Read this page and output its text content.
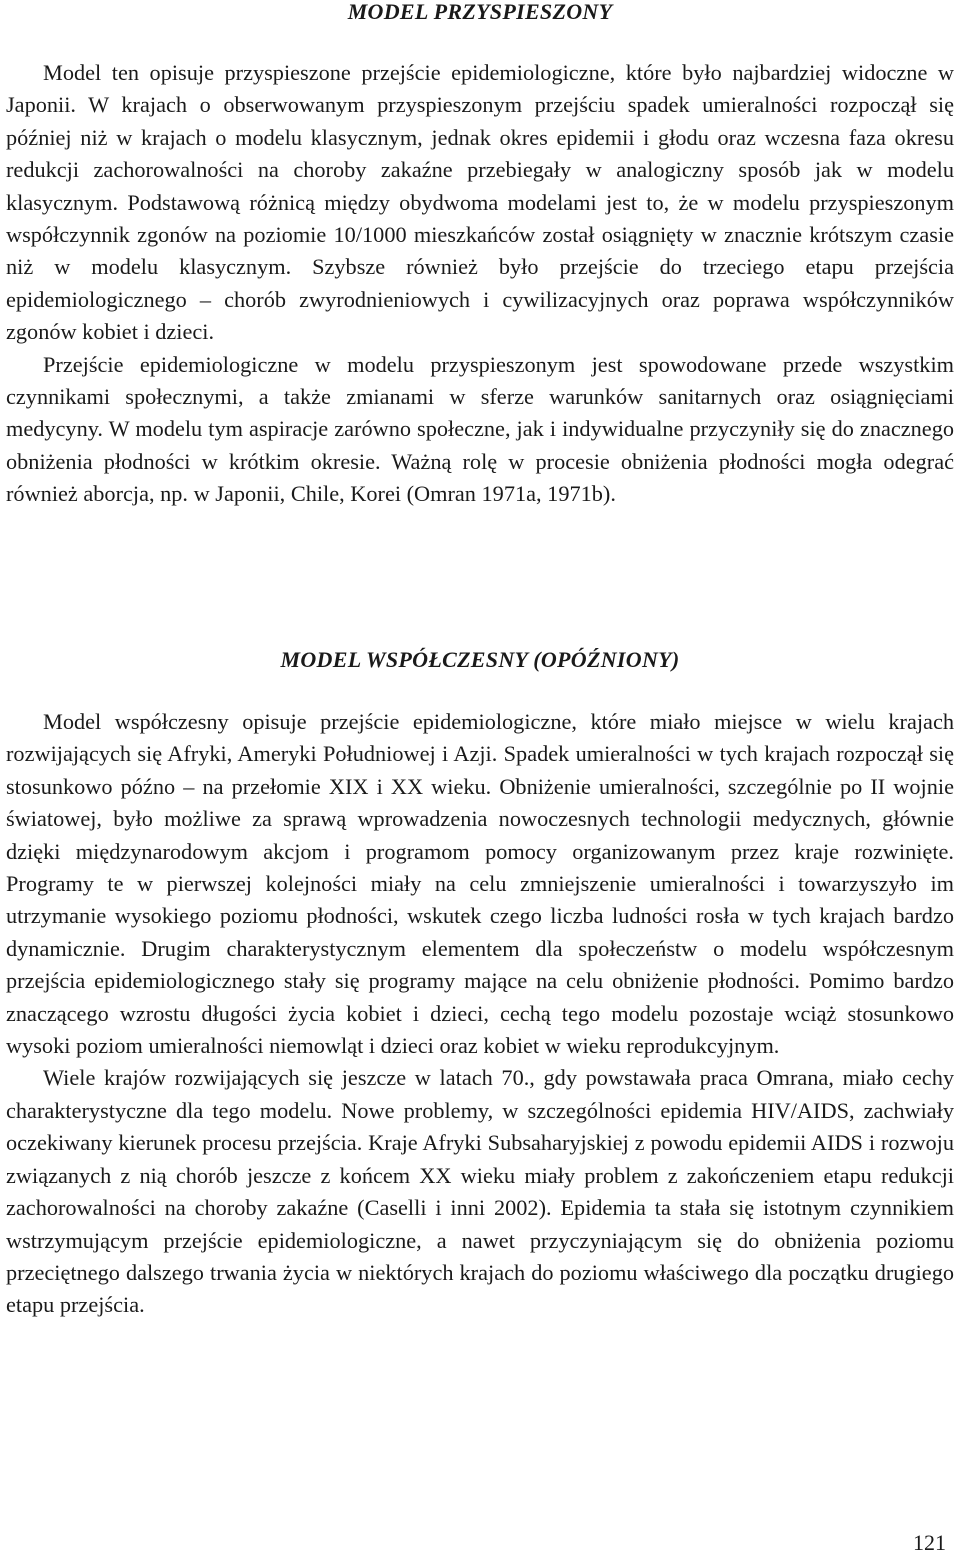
MODEL PRZYSPIESZONY

Model ten opisuje przyspieszone przejście epidemiologiczne, które było najbardziej widoczne w Japonii. W krajach o obserwowanym przyspieszonym przejściu spadek umieralności rozpoczął się później niż w krajach o modelu klasycznym, jednak okres epidemii i głodu oraz wczesna faza okresu redukcji zachorowalności na choroby zakaźne przebiegały w analogiczny sposób jak w modelu klasycznym. Podstawową różnicą między obydwoma modelami jest to, że w modelu przyspieszonym współczynnik zgonów na poziomie 10/1000 mieszkańców został osiągnięty w znacznie krótszym czasie niż w modelu klasycznym. Szybsze również było przejście do trzeciego etapu przejścia epidemiologicznego – chorób zwyrodnieniowych i cywilizacyjnych oraz poprawa współczynników zgonów kobiet i dzieci.

Przejście epidemiologiczne w modelu przyspieszonym jest spowodowane przede wszystkim czynnikami społecznymi, a także zmianami w sferze warunków sanitarnych oraz osiągnięciami medycyny. W modelu tym aspiracje zarówno społeczne, jak i indywidualne przyczyniły się do znacznego obniżenia płodności w krótkim okresie. Ważną rolę w procesie obniżenia płodności mogła odegrać również aborcja, np. w Japonii, Chile, Korei (Omran 1971a, 1971b).

MODEL WSPÓŁCZESNY (OPÓŹNIONY)

Model współczesny opisuje przejście epidemiologiczne, które miało miejsce w wielu krajach rozwijających się Afryki, Ameryki Południowej i Azji. Spadek umieralności w tych krajach rozpoczął się stosunkowo późno – na przełomie XIX i XX wieku. Obniżenie umieralności, szczególnie po II wojnie światowej, było możliwe za sprawą wprowadzenia nowoczesnych technologii medycznych, głównie dzięki międzynarodowym akcjom i programom pomocy organizowanym przez kraje rozwinięte. Programy te w pierwszej kolejności miały na celu zmniejszenie umieralności i towarzyszyło im utrzymanie wysokiego poziomu płodności, wskutek czego liczba ludności rosła w tych krajach bardzo dynamicznie. Drugim charakterystycznym elementem dla społeczeństw o modelu współczesnym przejścia epidemiologicznego stały się programy mające na celu obniżenie płodności. Pomimo bardzo znaczącego wzrostu długości życia kobiet i dzieci, cechą tego modelu pozostaje wciąż stosunkowo wysoki poziom umieralności niemowląt i dzieci oraz kobiet w wieku reprodukcyjnym.

Wiele krajów rozwijających się jeszcze w latach 70., gdy powstawała praca Omrana, miało cechy charakterystyczne dla tego modelu. Nowe problemy, w szczególności epidemia HIV/AIDS, zachwiały oczekiwany kierunek procesu przejścia. Kraje Afryki Subsaharyjskiej z powodu epidemii AIDS i rozwoju związanych z nią chorób jeszcze z końcem XX wieku miały problem z zakończeniem etapu redukcji zachorowalności na choroby zakaźne (Caselli i inni 2002). Epidemia ta stała się istotnym czynnikiem wstrzymującym przejście epidemiologiczne, a nawet przyczyniającym się do obniżenia poziomu przeciętnego dalszego trwania życia w niektórych krajach do poziomu właściwego dla początku drugiego etapu przejścia.

121
